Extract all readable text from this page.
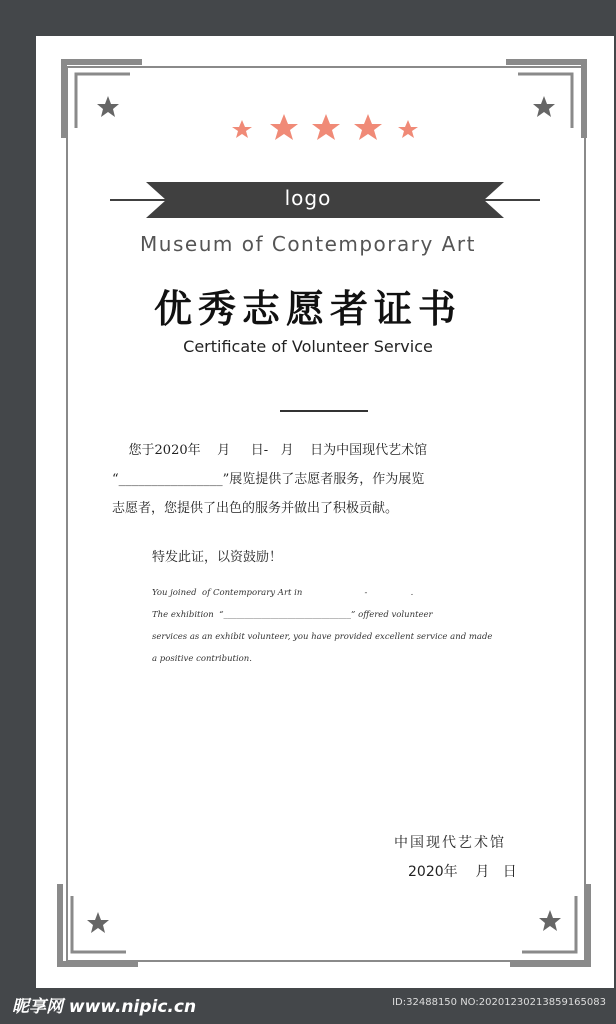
logo
Museum of Contemporary Art
优秀志愿者证书
Certificate of Volunteer Service
您于2020年    月     日-   月    日为中国现代艺术馆
“________________”展览提供了志愿者服务，作为展览
志愿者，您提供了出色的服务并做出了积极贡献。
特发此证，以资鼓励！
You joined  of Contemporary Art in                       -                .
The exhibition  “______________________________” offered volunteer
services as an exhibit volunteer, you have provided excellent service and made
a positive contribution.
中国现代艺术馆
2020年    月   日
昵享网 www.nipic.cn	ID:32488150 NO:20201230213859165083
